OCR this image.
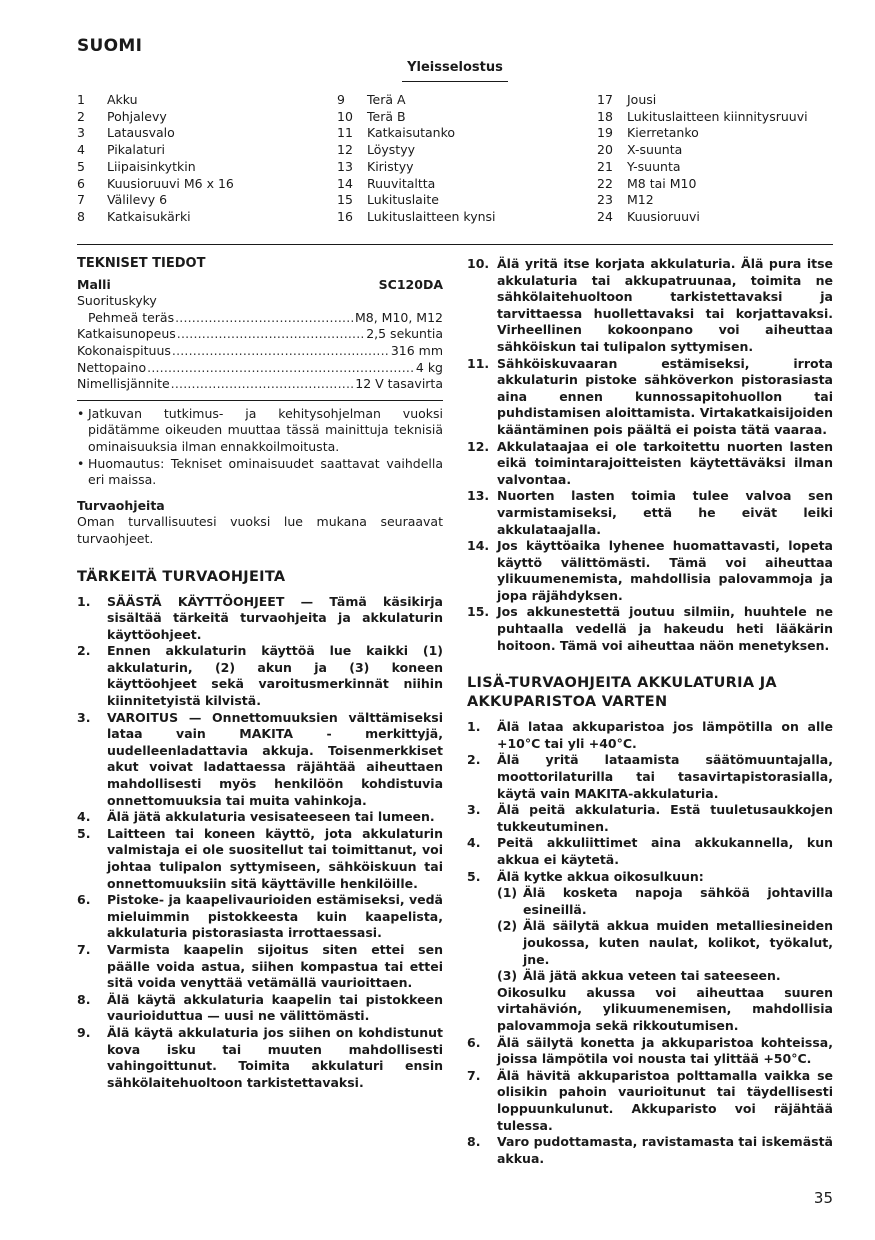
SUOMI
Yleisselostus
1	Akku
2	Pohjalevy
3	Latausvalo
4	Pikalaturi
5	Liipaisinkytkin
6	Kuusioruuvi M6 x 16
7	Välilevy 6
8	Katkaisukärki
9	Terä A
10	Terä B
11	Katkaisutanko
12	Löystyy
13	Kiristyy
14	Ruuvitaltta
15	Lukituslaite
16	Lukituslaitteen kynsi
17	Jousi
18	Lukituslaitteen kiinnitysruuvi
19	Kierretanko
20	X-suunta
21	Y-suunta
22	M8 tai M10
23	M12
24	Kuusioruuvi
TEKNISET TIEDOT
Malli	SC120DA
Suorituskyky
Pehmeä teräs .....	M8, M10, M12
Katkaisunopeus .....	2,5 sekuntia
Kokonaispituus .....	316 mm
Nettopaino .....	4 kg
Nimellisjännite .....	12 V tasavirta
• Jatkuvan tutkimus- ja kehitysohjelman vuoksi pidätämme oikeuden muuttaa tässä mainittuja teknisiä ominaisuuksia ilman ennakkoilmoitusta.
• Huomautus: Tekniset ominaisuudet saattavat vaihdella eri maissa.
Turvaohjeita
Oman turvallisuutesi vuoksi lue mukana seuraavat turvaohjeet.
TÄRKEITÄ TURVAOHJEITA
1.	SÄÄSTÄ KÄYTTÖOHJEET — Tämä käsikirja sisältää tärkeitä turvaohjeita ja akkulaturin käyttöohjeet.
2.	Ennen akkulaturin käyttöä lue kaikki (1) akkulaturin, (2) akun ja (3) koneen käyttöohjeet sekä varoitusmerkinnät niihin kiinnitetyistä kilvistä.
3.	VAROITUS — Onnettomuuksien välttämiseksi lataa vain MAKITA - merkittyjä, uudelleenladattavia akkuja. Toisenmerkkiset akut voivat ladattaessa räjähtää aiheuttaen mahdollisesti myös henkilöön kohdistuvia onnettomuuksia tai muita vahinkoja.
4.	Älä jätä akkulaturia vesisateeseen tai lumeen.
5.	Laitteen tai koneen käyttö, jota akkulaturin valmistaja ei ole suositellut tai toimittanut, voi johtaa tulipalon syttymiseen, sähköiskuun tai onnettomuuksiin sitä käyttäville henkilöille.
6.	Pistoke- ja kaapelivaurioiden estämiseksi, vedä mieluimmin pistokkeesta kuin kaapelista, akkulaturia pistorasiasta irrottaessasi.
7.	Varmista kaapelin sijoitus siten ettei sen päälle voida astua, siihen kompastua tai ettei sitä voida venyttää vetämällä vaurioittaen.
8.	Älä käytä akkulaturia kaapelin tai pistokkeen vaurioiduttua — uusi ne välittömästi.
9.	Älä käytä akkulaturia jos siihen on kohdistunut kova isku tai muuten mahdollisesti vahingoittunut. Toimita akkulaturi ensin sähkölaitehuoltoon tarkistettavaksi.
10. Älä yritä itse korjata akkulaturia. Älä pura itse akkulaturia tai akkupatruunaa, toimita ne sähkölaitehuoltoon tarkistettavaksi ja tarvittaessa huollettavaksi tai korjattavaksi. Virheellinen kokoonpano voi aiheuttaa sähköiskun tai tulipalon syttymisen.
11. Sähköiskuvaaran estämiseksi, irrota akkulaturin pistoke sähköverkon pistorasiasta aina ennen kunnossapitohuollon tai puhdistamisen aloittamista. Virtakatkaisijoiden kääntäminen pois päältä ei poista tätä vaaraa.
12. Akkulataajaa ei ole tarkoitettu nuorten lasten eikä toimintarajoitteisten käytettäväksi ilman valvontaa.
13. Nuorten lasten toimia tulee valvoa sen varmistamiseksi, että he eivät leiki akkulataajalla.
14. Jos käyttöaika lyhenee huomattavasti, lopeta käyttö välittömästi. Tämä voi aiheuttaa ylikuumenemista, mahdollisia palovammoja ja jopa räjähdyksen.
15. Jos akkunestettä joutuu silmiin, huuhtele ne puhtaalla vedellä ja hakeudu heti lääkärin hoitoon. Tämä voi aiheuttaa näön menetyksen.
LISÄ-TURVAOHJEITA AKKULATURIA JA AKKUPARISTOA VARTEN
1.	Älä lataa akkuparistoa jos lämpötilla on alle +10°C tai yli +40°C.
2.	Älä yritä lataamista säätömuuntajalla, moottorilaturilla tai tasavirtapistorasialla, käytä vain MAKITA-akkulaturia.
3.	Älä peitä akkulaturia. Estä tuuletusaukkojen tukkeutuminen.
4.	Peitä akkuliittimet aina akkukannella, kun akkua ei käytetä.
5.	Älä kytke akkua oikosulkuun:
(1) Älä kosketa napoja sähköä johtavilla esineillä.
(2) Älä säilytä akkua muiden metalliesineiden joukossa, kuten naulat, kolikot, työkalut, jne.
(3) Älä jätä akkua veteen tai sateeseen.
Oikosulku akussa voi aiheuttaa suuren virtahävión, ylikuumenemisen, mahdollisia palovammoja sekä rikkoutumisen.
6.	Älä säilytä konetta ja akkuparistoa kohteissa, joissa lämpötila voi nousta tai ylittää +50°C.
7.	Älä hävitä akkuparistoa polttamalla vaikka se olisikin pahoin vaurioitunut tai täydellisesti loppuunkulunut. Akkuparisto voi räjähtää tulessa.
8.	Varo pudottamasta, ravistamasta tai iskemästä akkua.
35
